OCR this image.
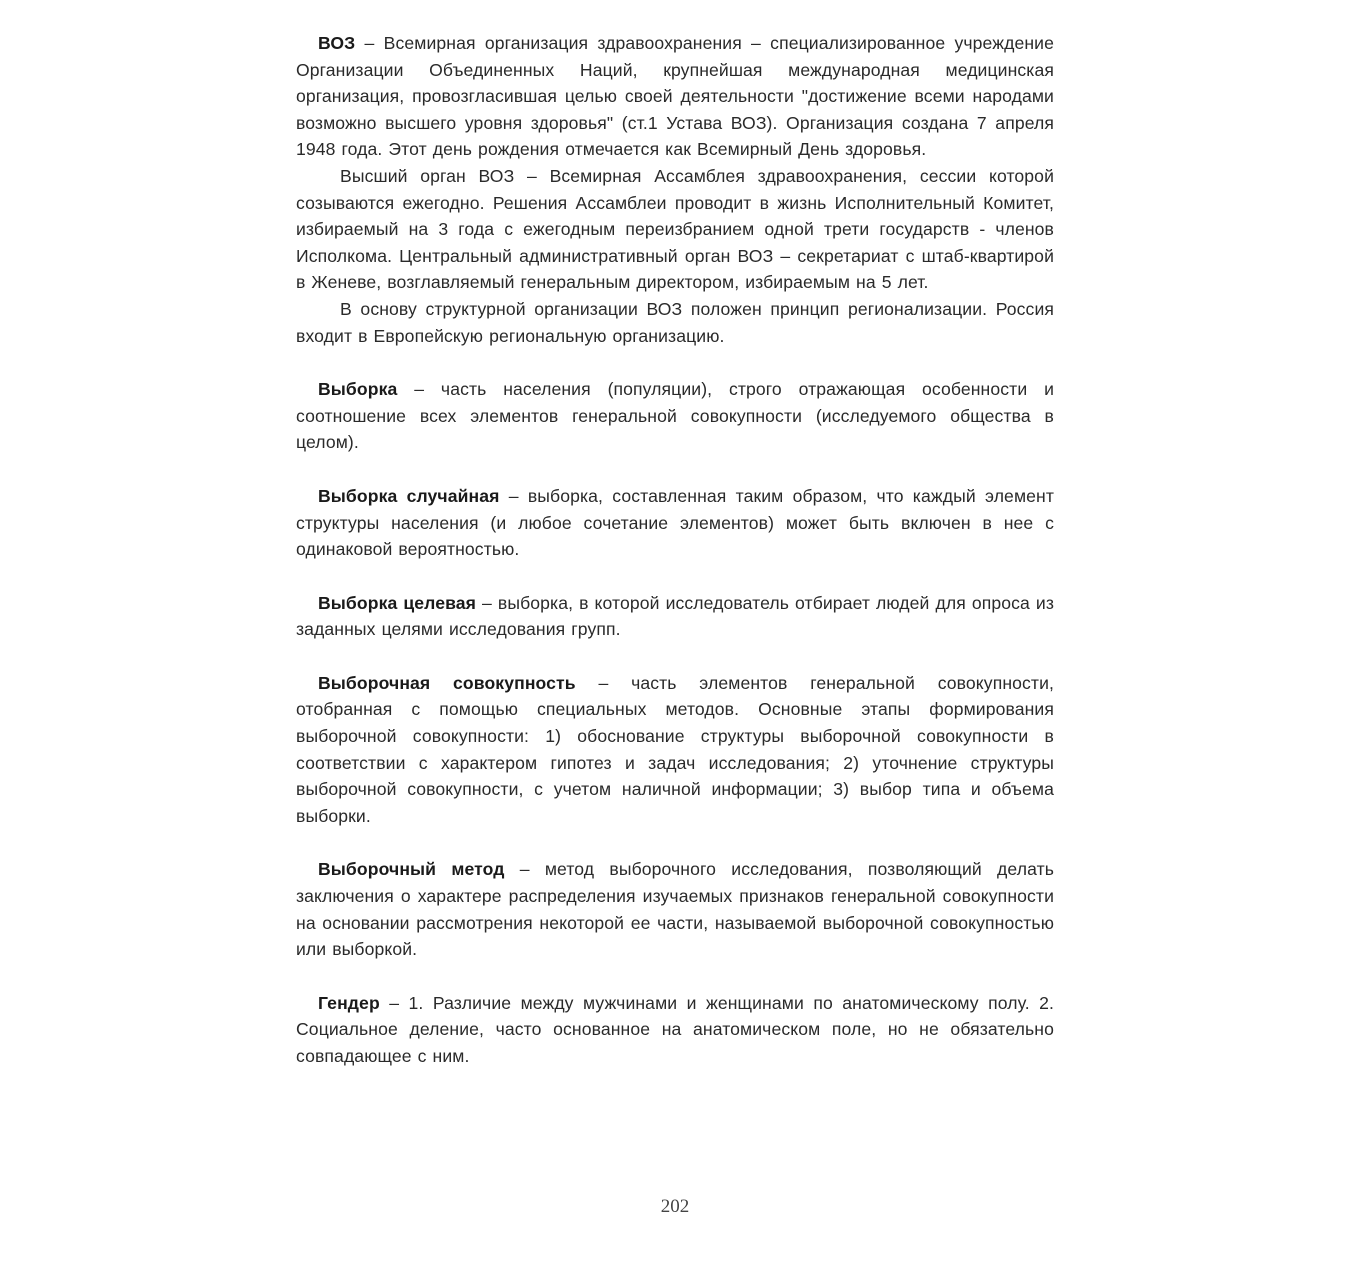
ВОЗ – Всемирная организация здравоохранения – специализированное учреждение Организации Объединенных Наций, крупнейшая международная медицинская организация, провозгласившая целью своей деятельности "достижение всеми народами возможно высшего уровня здоровья" (ст.1 Устава ВОЗ). Организация создана 7 апреля 1948 года. Этот день рождения отмечается как Всемирный День здоровья.

Высший орган ВОЗ – Всемирная Ассамблея здравоохранения, сессии которой созываются ежегодно. Решения Ассамблеи проводит в жизнь Исполнительный Комитет, избираемый на 3 года с ежегодным переизбранием одной трети государств - членов Исполкома. Центральный административный орган ВОЗ – секретариат с штаб-квартирой в Женеве, возглавляемый генеральным директором, избираемым на 5 лет.

В основу структурной организации ВОЗ положен принцип регионализации. Россия входит в Европейскую региональную организацию.

Выборка – часть населения (популяции), строго отражающая особенности и соотношение всех элементов генеральной совокупности (исследуемого общества в целом).

Выборка случайная – выборка, составленная таким образом, что каждый элемент структуры населения (и любое сочетание элементов) может быть включен в нее с одинаковой вероятностью.

Выборка целевая – выборка, в которой исследователь отбирает людей для опроса из заданных целями исследования групп.

Выборочная совокупность – часть элементов генеральной совокупности, отобранная с помощью специальных методов. Основные этапы формирования выборочной совокупности: 1) обоснование структуры выборочной совокупности в соответствии с характером гипотез и задач исследования; 2) уточнение структуры выборочной совокупности, с учетом наличной информации; 3) выбор типа и объема выборки.

Выборочный метод – метод выборочного исследования, позволяющий делать заключения о характере распределения изучаемых признаков генеральной совокупности на основании рассмотрения некоторой ее части, называемой выборочной совокупностью или выборкой.

Гендер – 1. Различие между мужчинами и женщинами по анатомическому полу. 2. Социальное деление, часто основанное на анатомическом поле, но не обязательно совпадающее с ним.

202
